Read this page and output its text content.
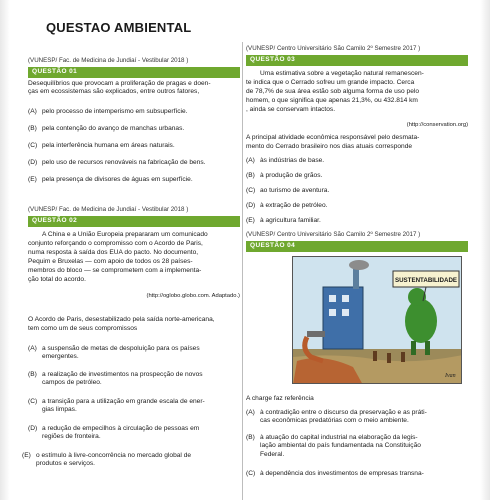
QUESTAO AMBIENTAL
(VUNESP/ Fac. de Medicina de Jundiaí - Vestibular 2018 )
QUESTÃO 01
Desequilíbrios que provocam a proliferação de pragas e doen-
ças em ecossistemas são explicados, entre outros fatores,
(A) pelo processo de intemperismo em subsuperfície.
(B) pela contenção do avanço de manchas urbanas.
(C) pela interferência humana em áreas naturais.
(D) pelo uso de recursos renováveis na fabricação de bens.
(E) pela presença de divisores de águas em superfície.
(VUNESP/ Fac. de Medicina de Jundiaí - Vestibular 2018 )
QUESTÃO 02
A China e a União Europeia prepararam um comunicado
conjunto reforçando o compromisso com o Acordo de Paris,
numa resposta à saída dos EUA do pacto. No documento,
Pequim e Bruxelas — com apoio de todos os 28 países-
membros do bloco — se comprometem com a implementa-
ção total do acordo.
(http://oglobo.globo.com. Adaptado.)
O Acordo de Paris, desestabilizado pela saída norte-americana,
tem como um de seus compromissos
(A) a suspensão de metas de despoluição para os países
emergentes.
(B) a realização de investimentos na prospecção de novos
campos de petróleo.
(C) a transição para a utilização em grande escala de ener-
gias limpas.
(D) a redução de empecilhos à circulação de pessoas em
regiões de fronteira.
(E) o estímulo à livre-concorrência no mercado global de
produtos e serviços.
(VUNESP/ Centro Universitário São Camilo 2º Semestre 2017 )
QUESTÃO 03
Uma estimativa sobre a vegetação natural remanescen-
te indica que o Cerrado sofreu um grande impacto. Cerca
de 78,7% de sua área estão sob alguma forma de uso pelo
homem, o que significa que apenas 21,3%, ou 432.814 km
, ainda se conservam intactos.
(http://conservation.org)
A principal atividade econômica responsável pelo desmata-
mento do Cerrado brasileiro nos dias atuais corresponde
(A) às indústrias de base.
(B) à produção de grãos.
(C) ao turismo de aventura.
(D) à extração de petróleo.
(E) à agricultura familiar.
(VUNESP/ Centro Universitário São Camilo 2º Semestre 2017 )
QUESTÃO 04
A charge faz referência
(A) à contradição entre o discurso da preservação e as práti-
cas econômicas predatórias com o meio ambiente.
(B) à atuação do capital industrial na elaboração da legis-
lação ambiental do país fundamentada na Constituição
Federal.
(C) à dependência dos investimentos de empresas transna-
SUSTENTABILIDADE
Ivan
